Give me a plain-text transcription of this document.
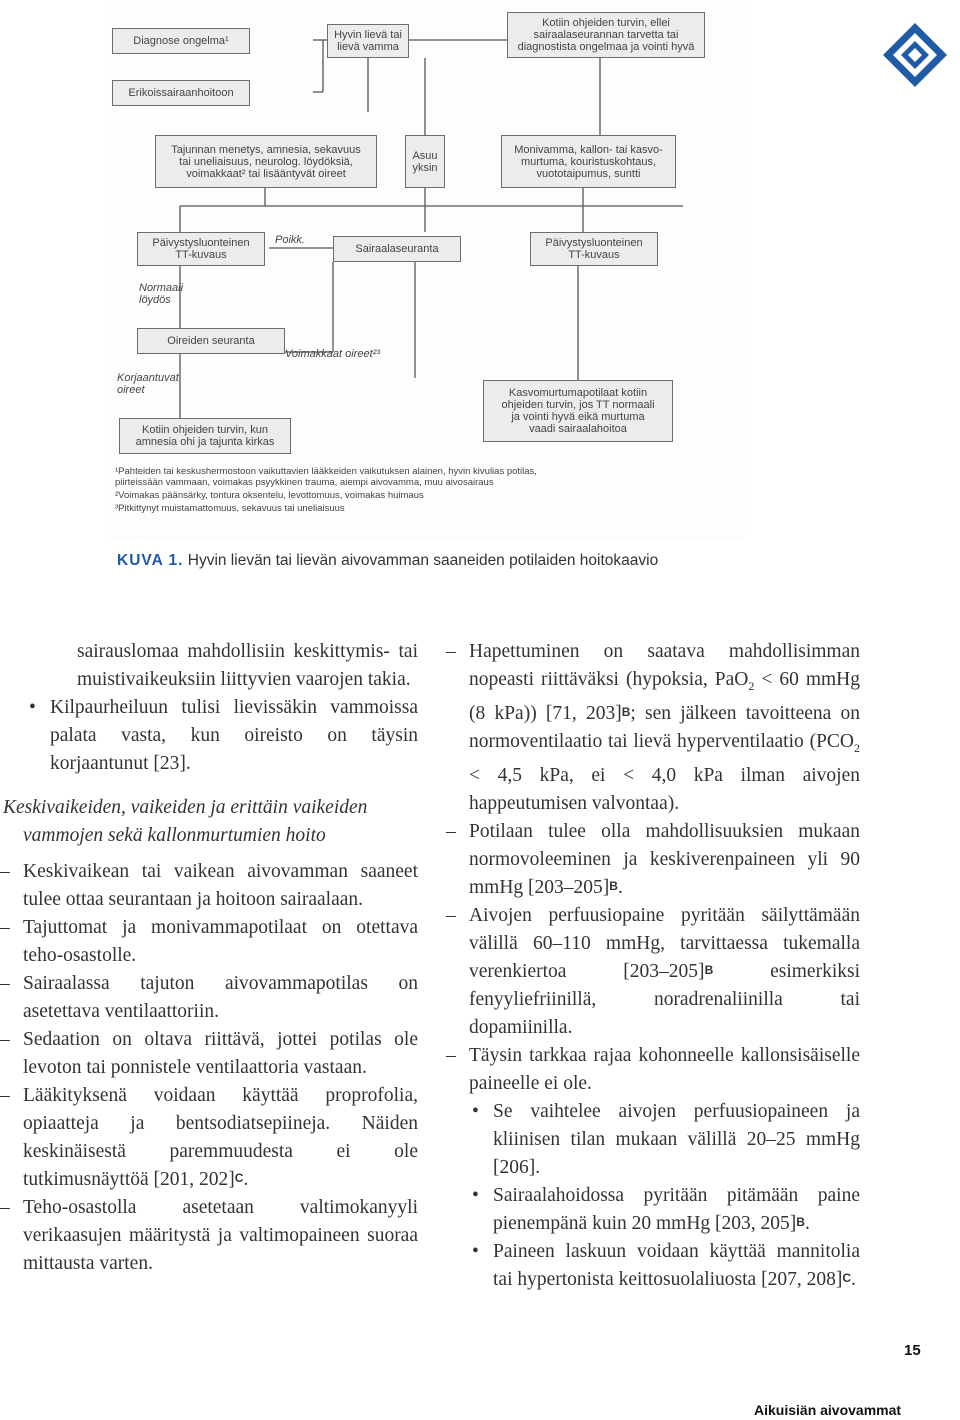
Diagnose ongelma¹	Hyvin lievä tai
lievä vamma
Kotiin ohjeiden turvin, ellei
sairaalaseurannan tarvetta tai
diagnostista ongelmaa ja vointi hyvä
Erikoissairaanhoitoon
Tajunnan menetys, amnesia, sekavuus
tai uneliaisuus, neurolog. löydöksiä,
voimakkaat² tai lisääntyvät oireet
Asuu
yksin
Monivamma, kallon- tai kasvo-
murtuma, kouristuskohtaus,
vuototaipumus, suntti
Päivystysluonteinen
TT-kuvaus	Sairaalaseuranta	Päivystysluonteinen
TT-kuvaus
Oireiden seuranta
Kasvomurtumapotilaat kotiin
ohjeiden turvin, jos TT normaali
ja vointi hyvä eikä murtuma
vaadi sairaalahoitoa
Kotiin ohjeiden turvin, kun
amnesia ohi ja tajunta kirkas
Poikk.
Normaali
löydös
Voimakkaat oireet²³
Korjaantuvat
oireet
¹Pahteiden tai keskushermostoon vaikuttavien lääkkeiden vaikutuksen alainen, hyvin kivulias potilas,
piirteissään vammaan, voimakas psyykkinen trauma, aiempi aivovamma, muu aivosairaus
²Voimakas päänsärky, tontura oksentelu, levottomuus, voimakas huimaus
³Pitkittynyt muistamattomuus, sekavuus tai uneliaisuus
KUVA 1. Hyvin lievän tai lievän aivovamman saaneiden potilaiden hoitokaavio

sairauslomaa mahdollisiin keskittymis- tai muistivaikeuksiin liittyvien vaarojen takia.

• Kilpaurheiluun tulisi lievissäkin vammoissa palata vasta, kun oireisto on täysin korjaantunut [23].

Keskivaikeiden, vaikeiden ja erittäin vaikeiden vammojen sekä kallonmurtumien hoito

– Keskivaikean tai vaikean aivovamman saaneet tulee ottaa seurantaan ja hoitoon sairaalaan.

– Tajuttomat ja monivammapotilaat on otettava teho-osastolle.

– Sairaalassa tajuton aivovammapotilas on asetettava ventilaattoriin.

– Sedaation on oltava riittävä, jottei potilas ole levoton tai ponnistele ventilaattoria vastaan.

– Lääkityksenä voidaan käyttää proprofolia, opiaatteja ja bentsodiatsepiineja. Näiden keskinäisestä paremmuudesta ei ole tutkimusnäyttöä [201, 202]$^C$.

– Teho-osastolla asetetaan valtimokanyyli verikaasujen määritystä ja valtimopaineen suoraa mittausta varten.

– Hapettuminen on saatava mahdollisimman nopeasti riittäväksi (hypoksia, PaO$_2$ < 60 mmHg (8 kPa)) [71, 203]$^B$; sen jälkeen tavoitteena on normoventilaatio tai lievä hyperventilaatio ($PCO_2 < 4,5$ kPa, ei < 4,0 kPa ilman aivojen happeutumisen valvontaa).

– Potilaan tulee olla mahdollisuuksien mukaan normovoleeminen ja keskiverenpaineen yli 90 mmHg [203–205]$^B$.

– Aivojen perfuusiopaine pyritään säilyttämään välillä 60–110 mmHg, tarvittaessa tukemalla verenkiertoa [203–205]$^B$ esimerkiksi fenyyliefriinillä, noradrenaliinilla tai dopamiinilla.

– Täysin tarkkaa rajaa kohonneelle kallonsisäiselle paineelle ei ole.

• Se vaihtelee aivojen perfuusiopaineen ja kliinisen tilan mukaan välillä 20–25 mmHg [206].

• Sairaalahoidossa pyritään pitämään paine pienempänä kuin 20 mmHg [203, 205]$^B$.

• Paineen laskuun voidaan käyttää mannitolia tai hypertonista keittosuolaliuosta [207, 208]$^C$.

15
Aikuisiän aivovammat
